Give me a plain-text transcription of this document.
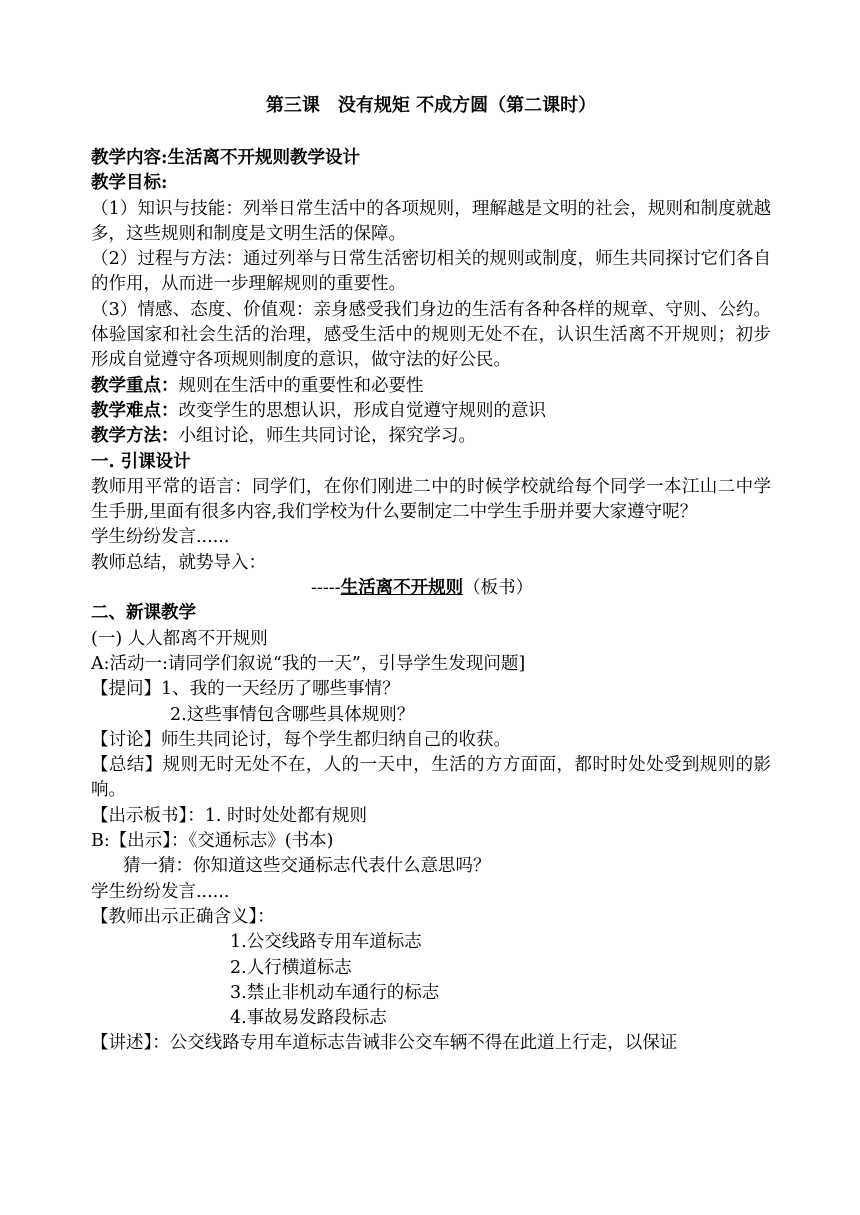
第三课　没有规矩 不成方圆（第二课时）

教学内容:生活离不开规则教学设计

教学目标:

（1）知识与技能：列举日常生活中的各项规则，理解越是文明的社会，规则和制度就越多，这些规则和制度是文明生活的保障。

（2）过程与方法：通过列举与日常生活密切相关的规则或制度，师生共同探讨它们各自的作用，从而进一步理解规则的重要性。

（3）情感、态度、价值观：亲身感受我们身边的生活有各种各样的规章、守则、公约。体验国家和社会生活的治理，感受生活中的规则无处不在，认识生活离不开规则；初步形成自觉遵守各项规则制度的意识，做守法的好公民。

教学重点：规则在生活中的重要性和必要性

教学难点：改变学生的思想认识，形成自觉遵守规则的意识

教学方法：小组讨论，师生共同讨论，探究学习。

一. 引课设计

教师用平常的语言：同学们，在你们刚进二中的时候学校就给每个同学一本江山二中学生手册,里面有很多内容,我们学校为什么要制定二中学生手册并要大家遵守呢？

学生纷纷发言......

教师总结，就势导入：

-----生活离不开规则（板书）

二、新课教学

(一) 人人都离不开规则

A:活动一:请同学们叙说“我的一天”，引导学生发现问题]

【提问】1、我的一天经历了哪些事情？

2.这些事情包含哪些具体规则？

【讨论】师生共同论讨，每个学生都归纳自己的收获。

【总结】规则无时无处不在，人的一天中，生活的方方面面，都时时处处受到规则的影响。

【出示板书】：1. 时时处处都有规则

B:【出示】：《交通标志》(书本)

猜一猜：你知道这些交通标志代表什么意思吗？

学生纷纷发言......

【教师出示正确含义】：

1.公交线路专用车道标志

2.人行横道标志

3.禁止非机动车通行的标志

4.事故易发路段标志

【讲述】：公交线路专用车道标志告诫非公交车辆不得在此道上行走，以保证
